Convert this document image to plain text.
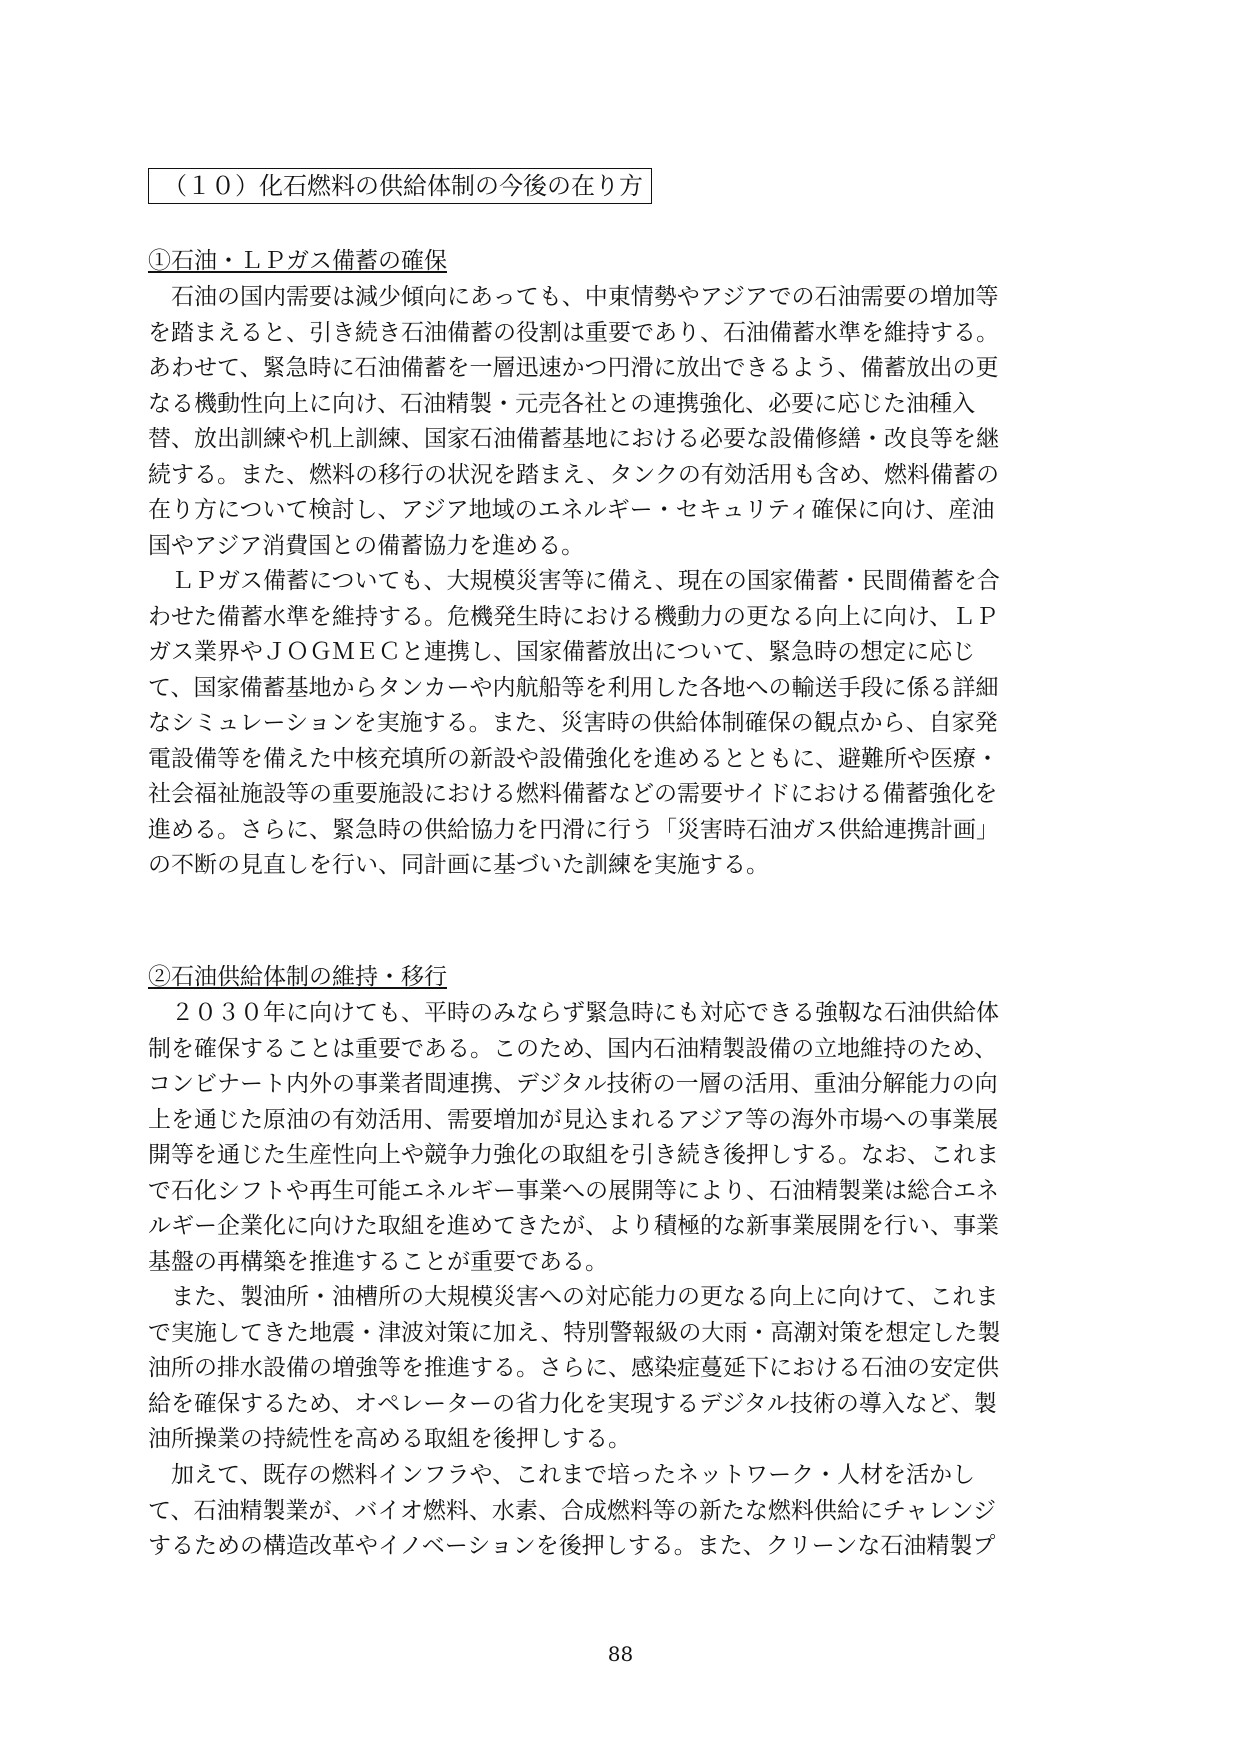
（１０）化石燃料の供給体制の今後の在り方
①石油・ＬＰガス備蓄の確保

　石油の国内需要は減少傾向にあっても、中東情勢やアジアでの石油需要の増加等
を踏まえると、引き続き石油備蓄の役割は重要であり、石油備蓄水準を維持する。
あわせて、緊急時に石油備蓄を一層迅速かつ円滑に放出できるよう、備蓄放出の更
なる機動性向上に向け、石油精製・元売各社との連携強化、必要に応じた油種入
替、放出訓練や机上訓練、国家石油備蓄基地における必要な設備修繕・改良等を継
続する。また、燃料の移行の状況を踏まえ、タンクの有効活用も含め、燃料備蓄の
在り方について検討し、アジア地域のエネルギー・セキュリティ確保に向け、産油
国やアジア消費国との備蓄協力を進める。

　ＬＰガス備蓄についても、大規模災害等に備え、現在の国家備蓄・民間備蓄を合
わせた備蓄水準を維持する。危機発生時における機動力の更なる向上に向け、ＬＰ
ガス業界やＪＯＧＭＥＣと連携し、国家備蓄放出について、緊急時の想定に応じ
て、国家備蓄基地からタンカーや内航船等を利用した各地への輸送手段に係る詳細
なシミュレーションを実施する。また、災害時の供給体制確保の観点から、自家発
電設備等を備えた中核充填所の新設や設備強化を進めるとともに、避難所や医療・
社会福祉施設等の重要施設における燃料備蓄などの需要サイドにおける備蓄強化を
進める。さらに、緊急時の供給協力を円滑に行う「災害時石油ガス供給連携計画」
の不断の見直しを行い、同計画に基づいた訓練を実施する。

②石油供給体制の維持・移行

　２０３０年に向けても、平時のみならず緊急時にも対応できる強靱な石油供給体
制を確保することは重要である。このため、国内石油精製設備の立地維持のため、
コンビナート内外の事業者間連携、デジタル技術の一層の活用、重油分解能力の向
上を通じた原油の有効活用、需要増加が見込まれるアジア等の海外市場への事業展
開等を通じた生産性向上や競争力強化の取組を引き続き後押しする。なお、これま
で石化シフトや再生可能エネルギー事業への展開等により、石油精製業は総合エネ
ルギー企業化に向けた取組を進めてきたが、より積極的な新事業展開を行い、事業
基盤の再構築を推進することが重要である。

　また、製油所・油槽所の大規模災害への対応能力の更なる向上に向けて、これま
で実施してきた地震・津波対策に加え、特別警報級の大雨・高潮対策を想定した製
油所の排水設備の増強等を推進する。さらに、感染症蔓延下における石油の安定供
給を確保するため、オペレーターの省力化を実現するデジタル技術の導入など、製
油所操業の持続性を高める取組を後押しする。

　加えて、既存の燃料インフラや、これまで培ったネットワーク・人材を活かし
て、石油精製業が、バイオ燃料、水素、合成燃料等の新たな燃料供給にチャレンジ
するための構造改革やイノベーションを後押しする。また、クリーンな石油精製プ

88
